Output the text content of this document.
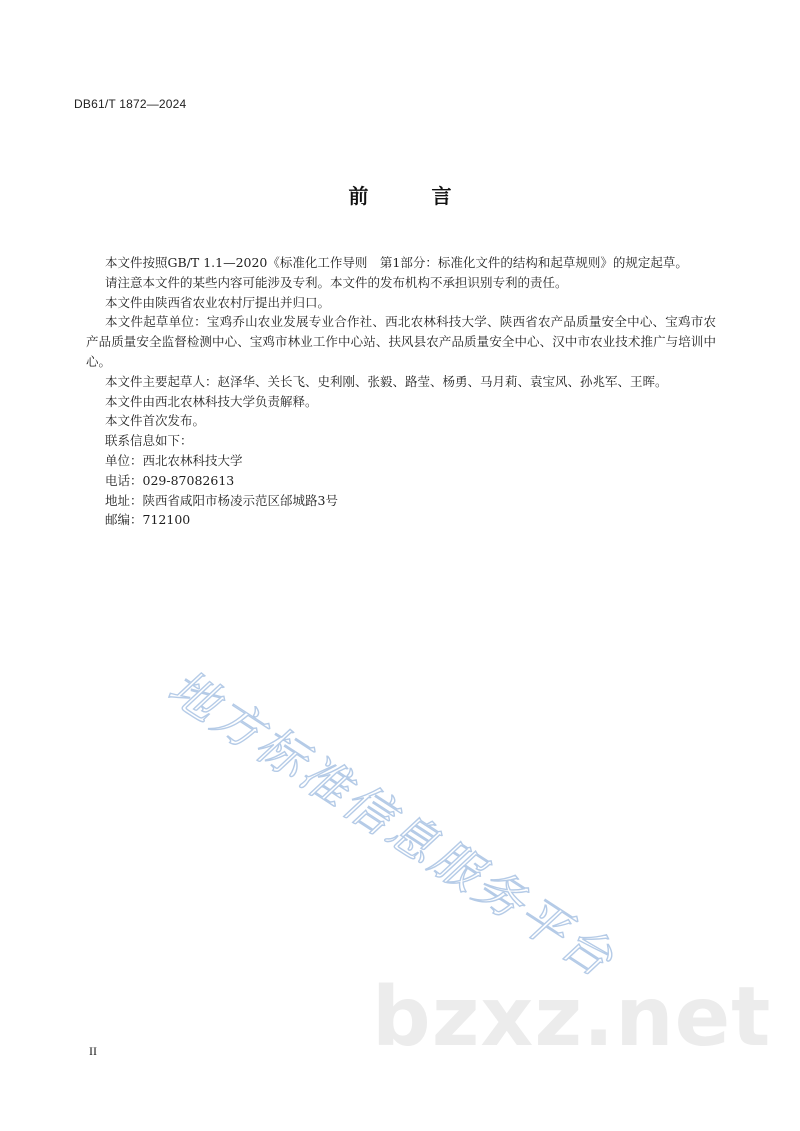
DB61/T 1872—2024
前 言

本文件按照GB/T 1.1—2020《标准化工作导则　第1部分：标准化文件的结构和起草规则》的规定起草。

请注意本文件的某些内容可能涉及专利。本文件的发布机构不承担识别专利的责任。

本文件由陕西省农业农村厅提出并归口。

本文件起草单位：宝鸡乔山农业发展专业合作社、西北农林科技大学、陕西省农产品质量安全中心、宝鸡市农产品质量安全监督检测中心、宝鸡市林业工作中心站、扶风县农产品质量安全中心、汉中市农业技术推广与培训中心。

本文件主要起草人：赵泽华、关长飞、史利刚、张毅、路莹、杨勇、马月莉、袁宝风、孙兆军、王晖。

本文件由西北农林科技大学负责解释。

本文件首次发布。

联系信息如下：

单位：西北农林科技大学

电话：029-87082613

地址：陕西省咸阳市杨凌示范区邰城路3号

邮编：712100

地方标准信息服务平台
bzxz.net
II
